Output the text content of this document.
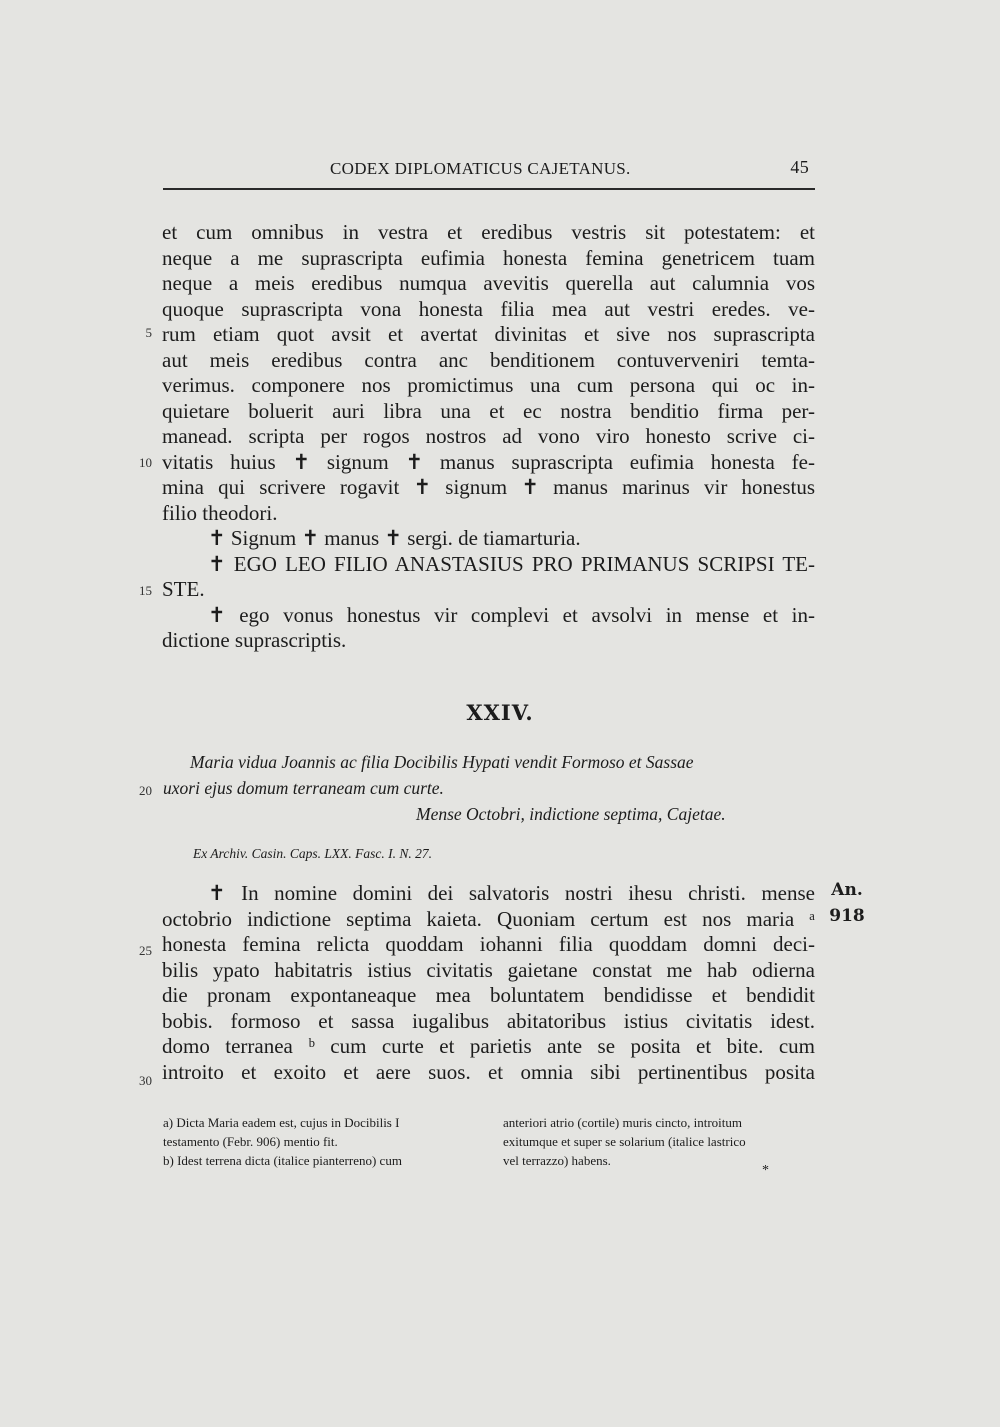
CODEX DIPLOMATICUS CAJETANUS.	45
et cum omnibus in vestra et eredibus vestris sit potestatem: et
neque a me suprascripta eufimia honesta femina genetricem tuam
neque a meis eredibus numqua avevitis querella aut calumnia vos
quoque suprascripta vona honesta filia mea aut vestri eredes. ve-
rum etiam quot avsit et avertat divinitas et sive nos suprascripta
aut meis eredibus contra anc benditionem contuverveniri temta-
verimus. componere nos promictimus una cum persona qui oc in-
quietare boluerit auri libra una et ec nostra benditio firma per-
manead. scripta per rogos nostros ad vono viro honesto scrive ci-
vitatis huius ✝ signum ✝ manus suprascripta eufimia honesta fe-
mina qui scrivere rogavit ✝ signum ✝ manus marinus vir honestus
filio theodori.
✝ Signum ✝ manus ✝ sergi. de tiamarturia.
✝ EGO LEO FILIO ANASTASIUS PRO PRIMANUS SCRIPSI TE-
STE.
✝ ego vonus honestus vir complevi et avsolvi in mense et in-
dictione suprascriptis.
5
10
15
20
25
30
XXIV.
Maria vidua Joannis ac filia Docibilis Hypati vendit Formoso et Sassae
uxori ejus domum terraneam cum curte.
Mense Octobri, indictione septima, Cajetae.
Ex Archiv. Casin. Caps. LXX. Fasc. I. N. 27.
✝ In nomine domini dei salvatoris nostri ihesu christi. mense
octobrio indictione septima kaieta. Quoniam certum est nos maria ᵃ
honesta femina relicta quoddam iohanni filia quoddam domni deci-
bilis ypato habitatris istius civitatis gaietane constat me hab odierna
die pronam expontaneaque mea boluntatem bendidisse et bendidit
bobis. formoso et sassa iugalibus abitatoribus istius civitatis idest.
domo terranea ᵇ cum curte et parietis ante se posita et bite. cum
introito et exoito et aere suos. et omnia sibi pertinentibus posita
An.
918
a) Dicta Maria eadem est, cujus in Docibilis I
testamento (Febr. 906) mentio fit.
b) Idest terrena dicta (italice pianterreno) cum
anteriori atrio (cortile) muris cincto, introitum
exitumque et super se solarium (italice lastrico
vel terrazzo) habens.
*
